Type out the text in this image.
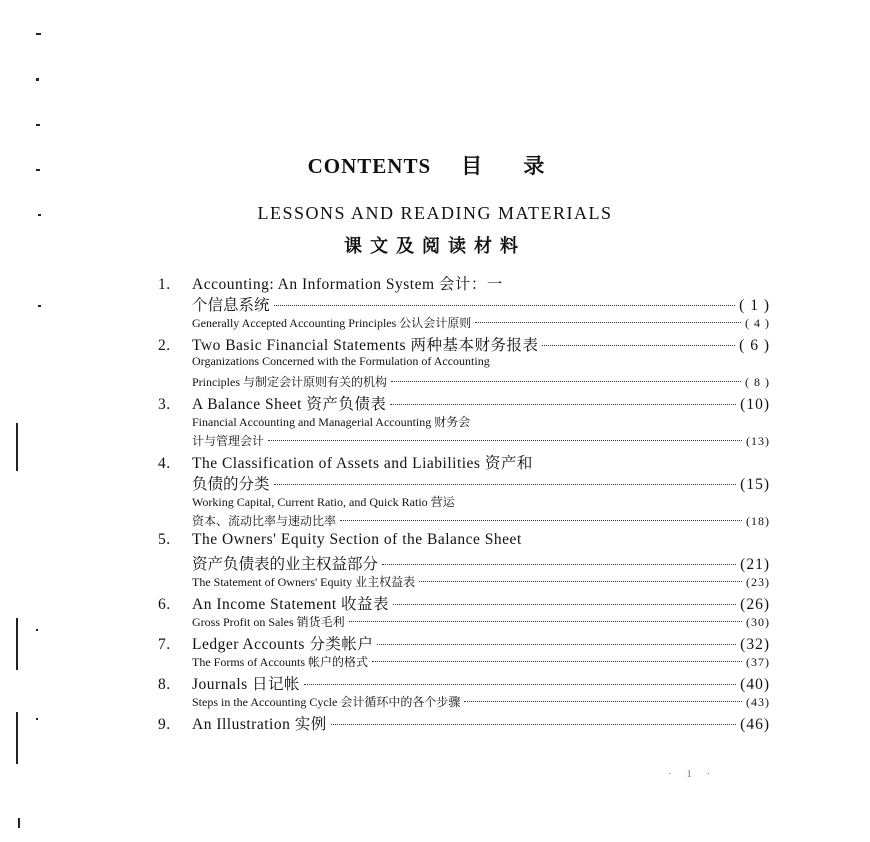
CONTENTS 目 录
LESSONS AND READING MATERIALS
课文及阅读材料
1.	Accounting: An Information System 会计：一
个信息系统	( 1 )
Generally Accepted Accounting Principles 公认会计原则	( 4 )
2.	Two Basic Financial Statements 两种基本财务报表	( 6 )
Organizations Concerned with the Formulation of Accounting
Principles 与制定会计原则有关的机构	( 8 )
3.	A Balance Sheet 资产负债表	(10)
Financial Accounting and Managerial Accounting 财务会
计与管理会计	(13)
4.	The Classification of Assets and Liabilities 资产和
负债的分类	(15)
Working Capital, Current Ratio, and Quick Ratio 营运
资本、流动比率与速动比率	(18)
5.	The Owners' Equity Section of the Balance Sheet
资产负债表的业主权益部分	(21)
The Statement of Owners' Equity 业主权益表	(23)
6.	An Income Statement 收益表	(26)
Gross Profit on Sales 销货毛利	(30)
7.	Ledger Accounts 分类帐户	(32)
The Forms of Accounts 帐户的格式	(37)
8.	Journals 日记帐	(40)
Steps in the Accounting Cycle 会计循环中的各个步骤	(43)
9.	An Illustration 实例	(46)
· 1 ·
